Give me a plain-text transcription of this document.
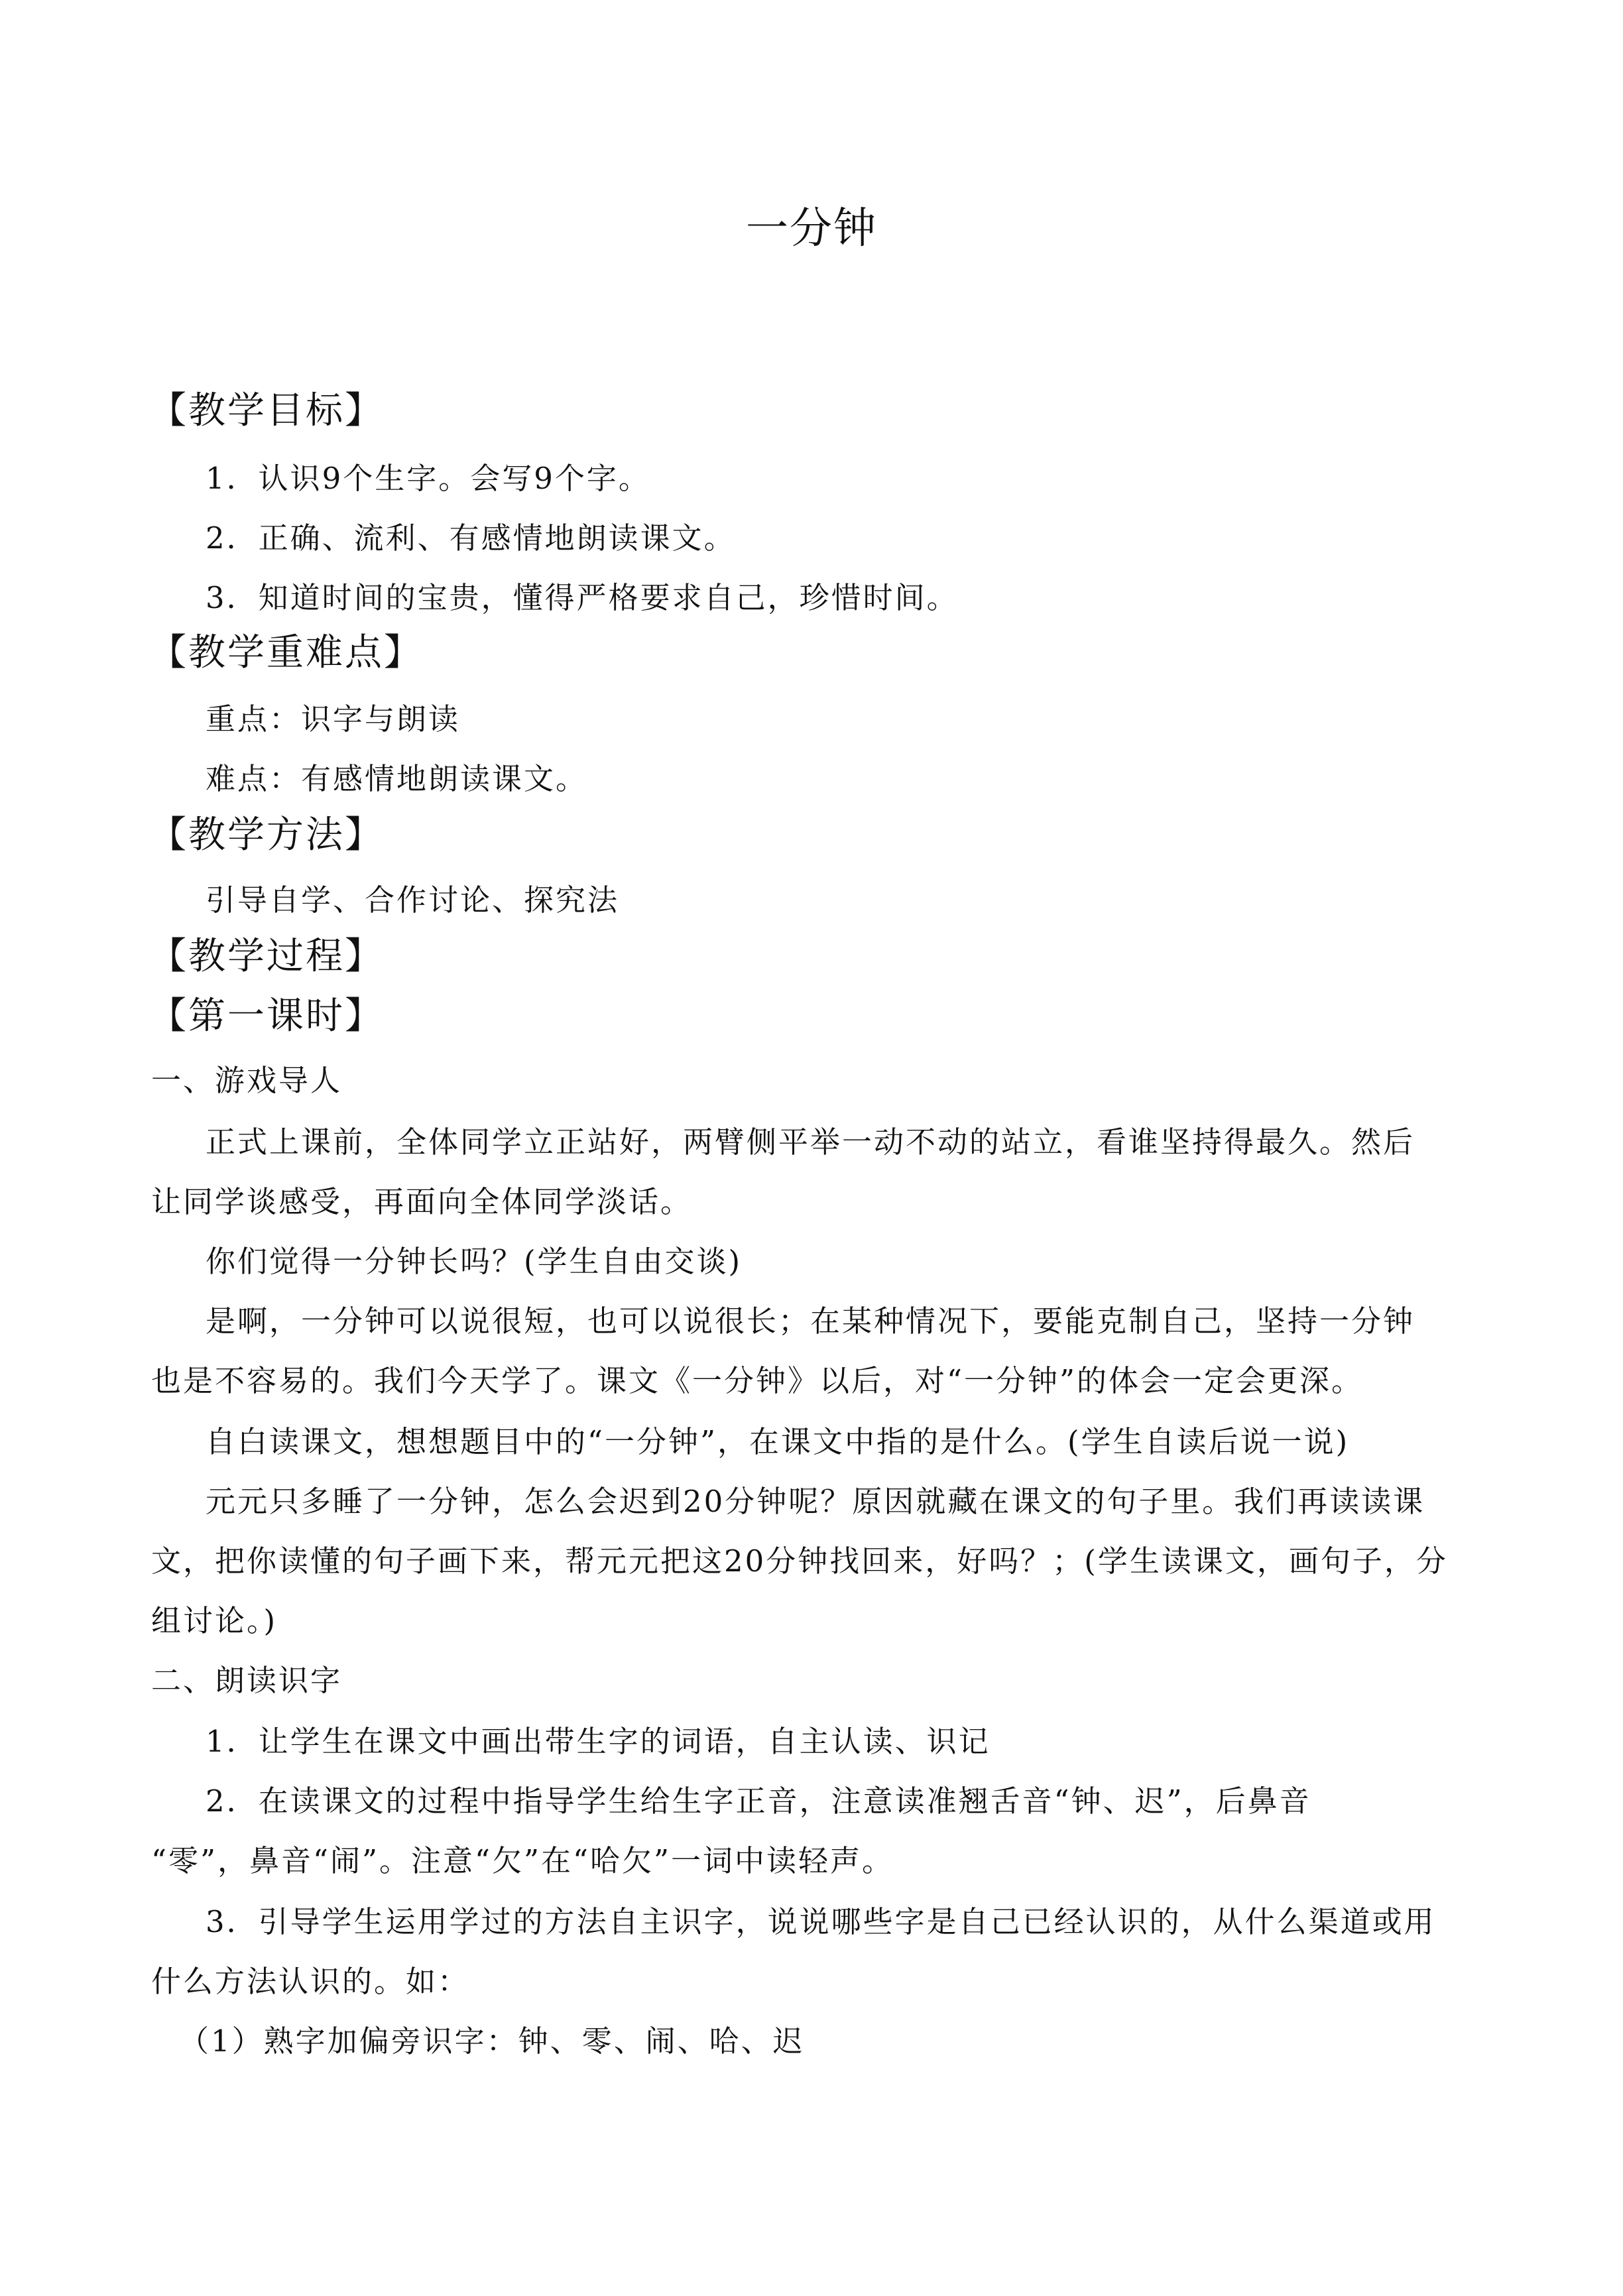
一分钟
【教学目标】
1．认识9个生字。会写9个字。
2．正确、流利、有感情地朗读课文。
3．知道时间的宝贵，懂得严格要求自己，珍惜时间。
【教学重难点】
重点：识字与朗读
难点：有感情地朗读课文。
【教学方法】
引导自学、合作讨论、探究法
【教学过程】
【第一课时】
一、游戏导人
正式上课前，全体同学立正站好，两臂侧平举一动不动的站立，看谁坚持得最久。然后
让同学谈感受，再面向全体同学淡话。
你们觉得一分钟长吗？(学生自由交谈)
是啊，一分钟可以说很短，也可以说很长；在某种情况下，要能克制自己，坚持一分钟
也是不容易的。我们今天学了。课文《一分钟》以后，对“一分钟”的体会一定会更深。
自白读课文，想想题目中的“一分钟”，在课文中指的是什么。(学生自读后说一说)
元元只多睡了一分钟，怎么会迟到20分钟呢？原因就藏在课文的句子里。我们再读读课
文，把你读懂的句子画下来，帮元元把这20分钟找回来，好吗？；(学生读课文，画句子，分
组讨论。)
二、朗读识字
1．让学生在课文中画出带生字的词语，自主认读、识记
2．在读课文的过程中指导学生给生字正音，注意读准翘舌音“钟、迟”，后鼻音
“零”，鼻音“闹”。注意“欠”在“哈欠”一词中读轻声。
3．引导学生运用学过的方法自主识字，说说哪些字是自己已经认识的，从什么渠道或用
什么方法认识的。如：
（1）熟字加偏旁识字：钟、零、闹、哈、迟
